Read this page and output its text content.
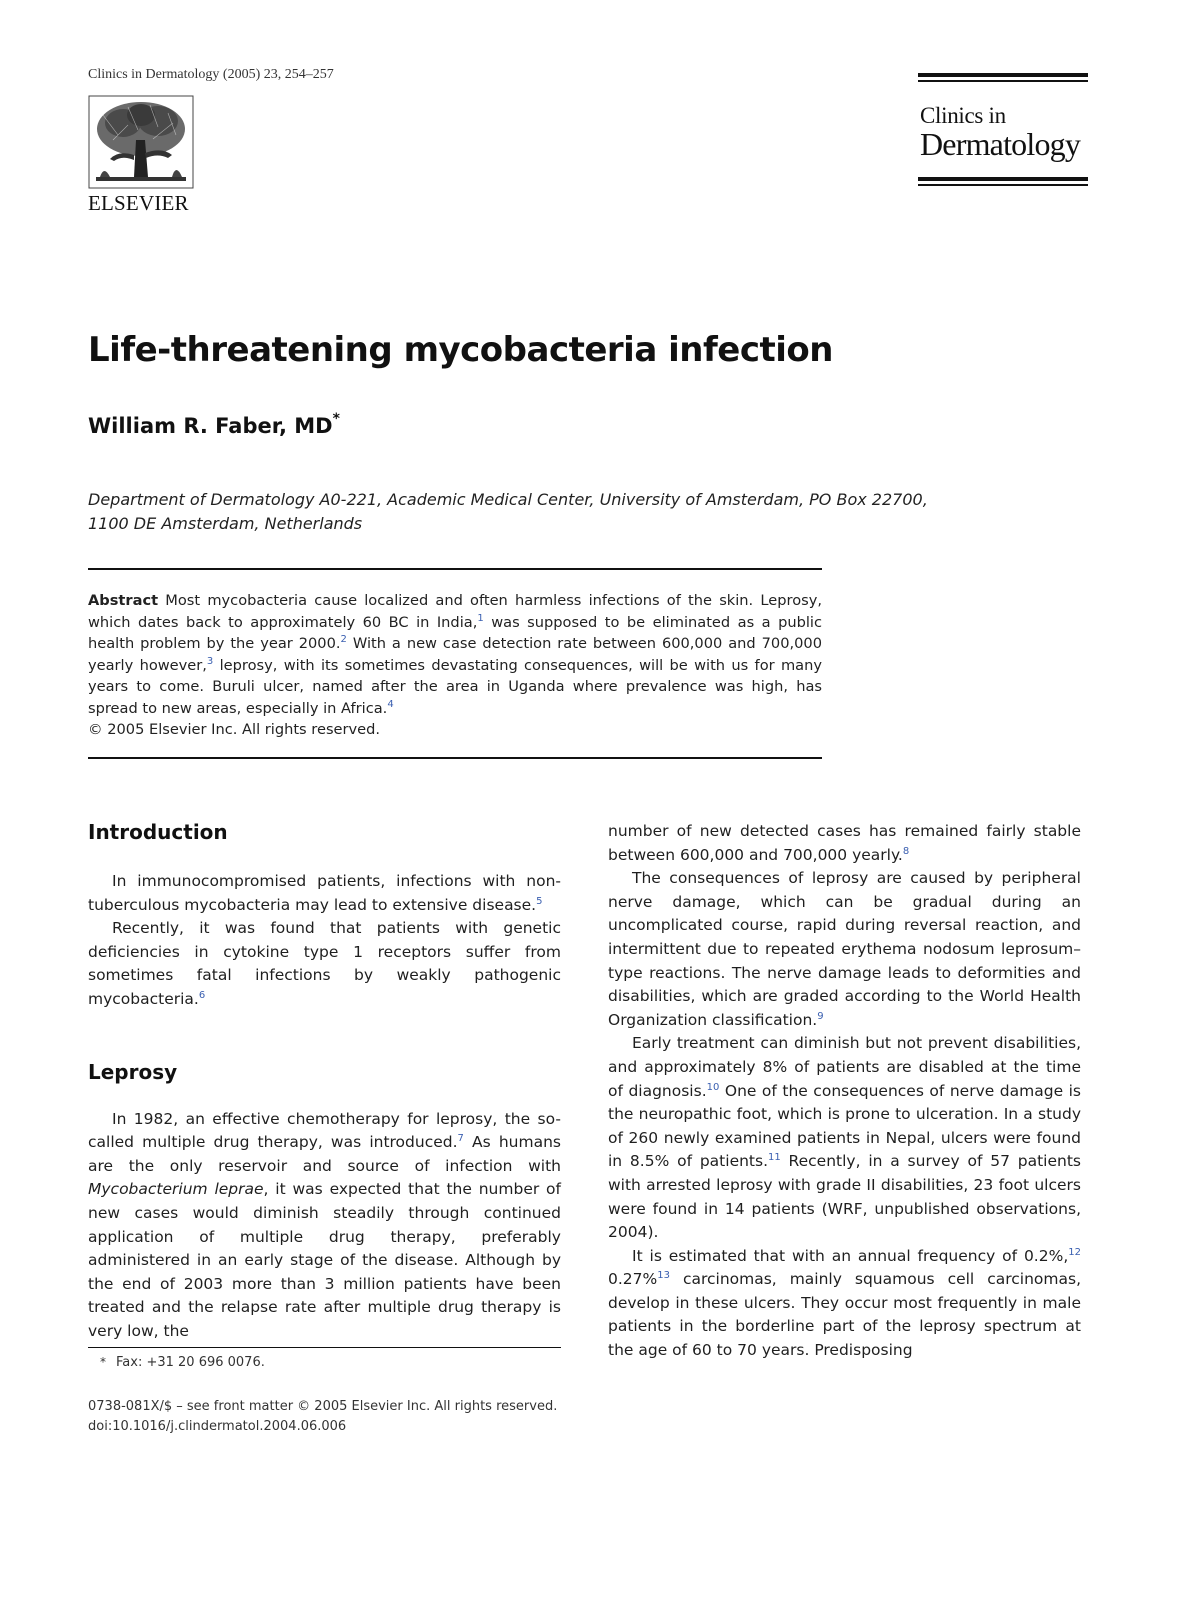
Clinics in Dermatology (2005) 23, 254–257
ELSEVIER
Clinics in
Dermatology
Life-threatening mycobacteria infection
William R. Faber, MD*
Department of Dermatology A0-221, Academic Medical Center, University of Amsterdam, PO Box 22700,
1100 DE Amsterdam, Netherlands
Abstract Most mycobacteria cause localized and often harmless infections of the skin. Leprosy, which dates back to approximately 60 BC in India,$^1$ was supposed to be eliminated as a public health problem by the year 2000.$^2$ With a new case detection rate between 600,000 and 700,000 yearly however,$^3$ leprosy, with its sometimes devastating consequences, will be with us for many years to come. Buruli ulcer, named after the area in Uganda where prevalence was high, has spread to new areas, especially in Africa.$^4$
© 2005 Elsevier Inc. All rights reserved.
Introduction

In immunocompromised patients, infections with non-tuberculous mycobacteria may lead to extensive disease.$^5$

Recently, it was found that patients with genetic deficiencies in cytokine type 1 receptors suffer from sometimes fatal infections by weakly pathogenic mycobacteria.$^6$

Leprosy

In 1982, an effective chemotherapy for leprosy, the so-called multiple drug therapy, was introduced.$^7$ As humans are the only reservoir and source of infection with Mycobacterium leprae, it was expected that the number of new cases would diminish steadily through continued application of multiple drug therapy, preferably administered in an early stage of the disease. Although by the end of 2003 more than 3 million patients have been treated and the relapse rate after multiple drug therapy is very low, the

number of new detected cases has remained fairly stable between 600,000 and 700,000 yearly.$^8$

The consequences of leprosy are caused by peripheral nerve damage, which can be gradual during an uncomplicated course, rapid during reversal reaction, and intermittent due to repeated erythema nodosum leprosum–type reactions. The nerve damage leads to deformities and disabilities, which are graded according to the World Health Organization classification.$^9$

Early treatment can diminish but not prevent disabilities, and approximately 8% of patients are disabled at the time of diagnosis.$^{10}$ One of the consequences of nerve damage is the neuropathic foot, which is prone to ulceration. In a study of 260 newly examined patients in Nepal, ulcers were found in 8.5% of patients.$^{11}$ Recently, in a survey of 57 patients with arrested leprosy with grade II disabilities, 23 foot ulcers were found in 14 patients (WRF, unpublished observations, 2004).

It is estimated that with an annual frequency of 0.2%,$^{12}$ 0.27%$^{13}$ carcinomas, mainly squamous cell carcinomas, develop in these ulcers. They occur most frequently in male patients in the borderline part of the leprosy spectrum at the age of 60 to 70 years. Predisposing

* Fax: +31 20 696 0076.
0738-081X/$ – see front matter © 2005 Elsevier Inc. All rights reserved.
doi:10.1016/j.clindermatol.2004.06.006
